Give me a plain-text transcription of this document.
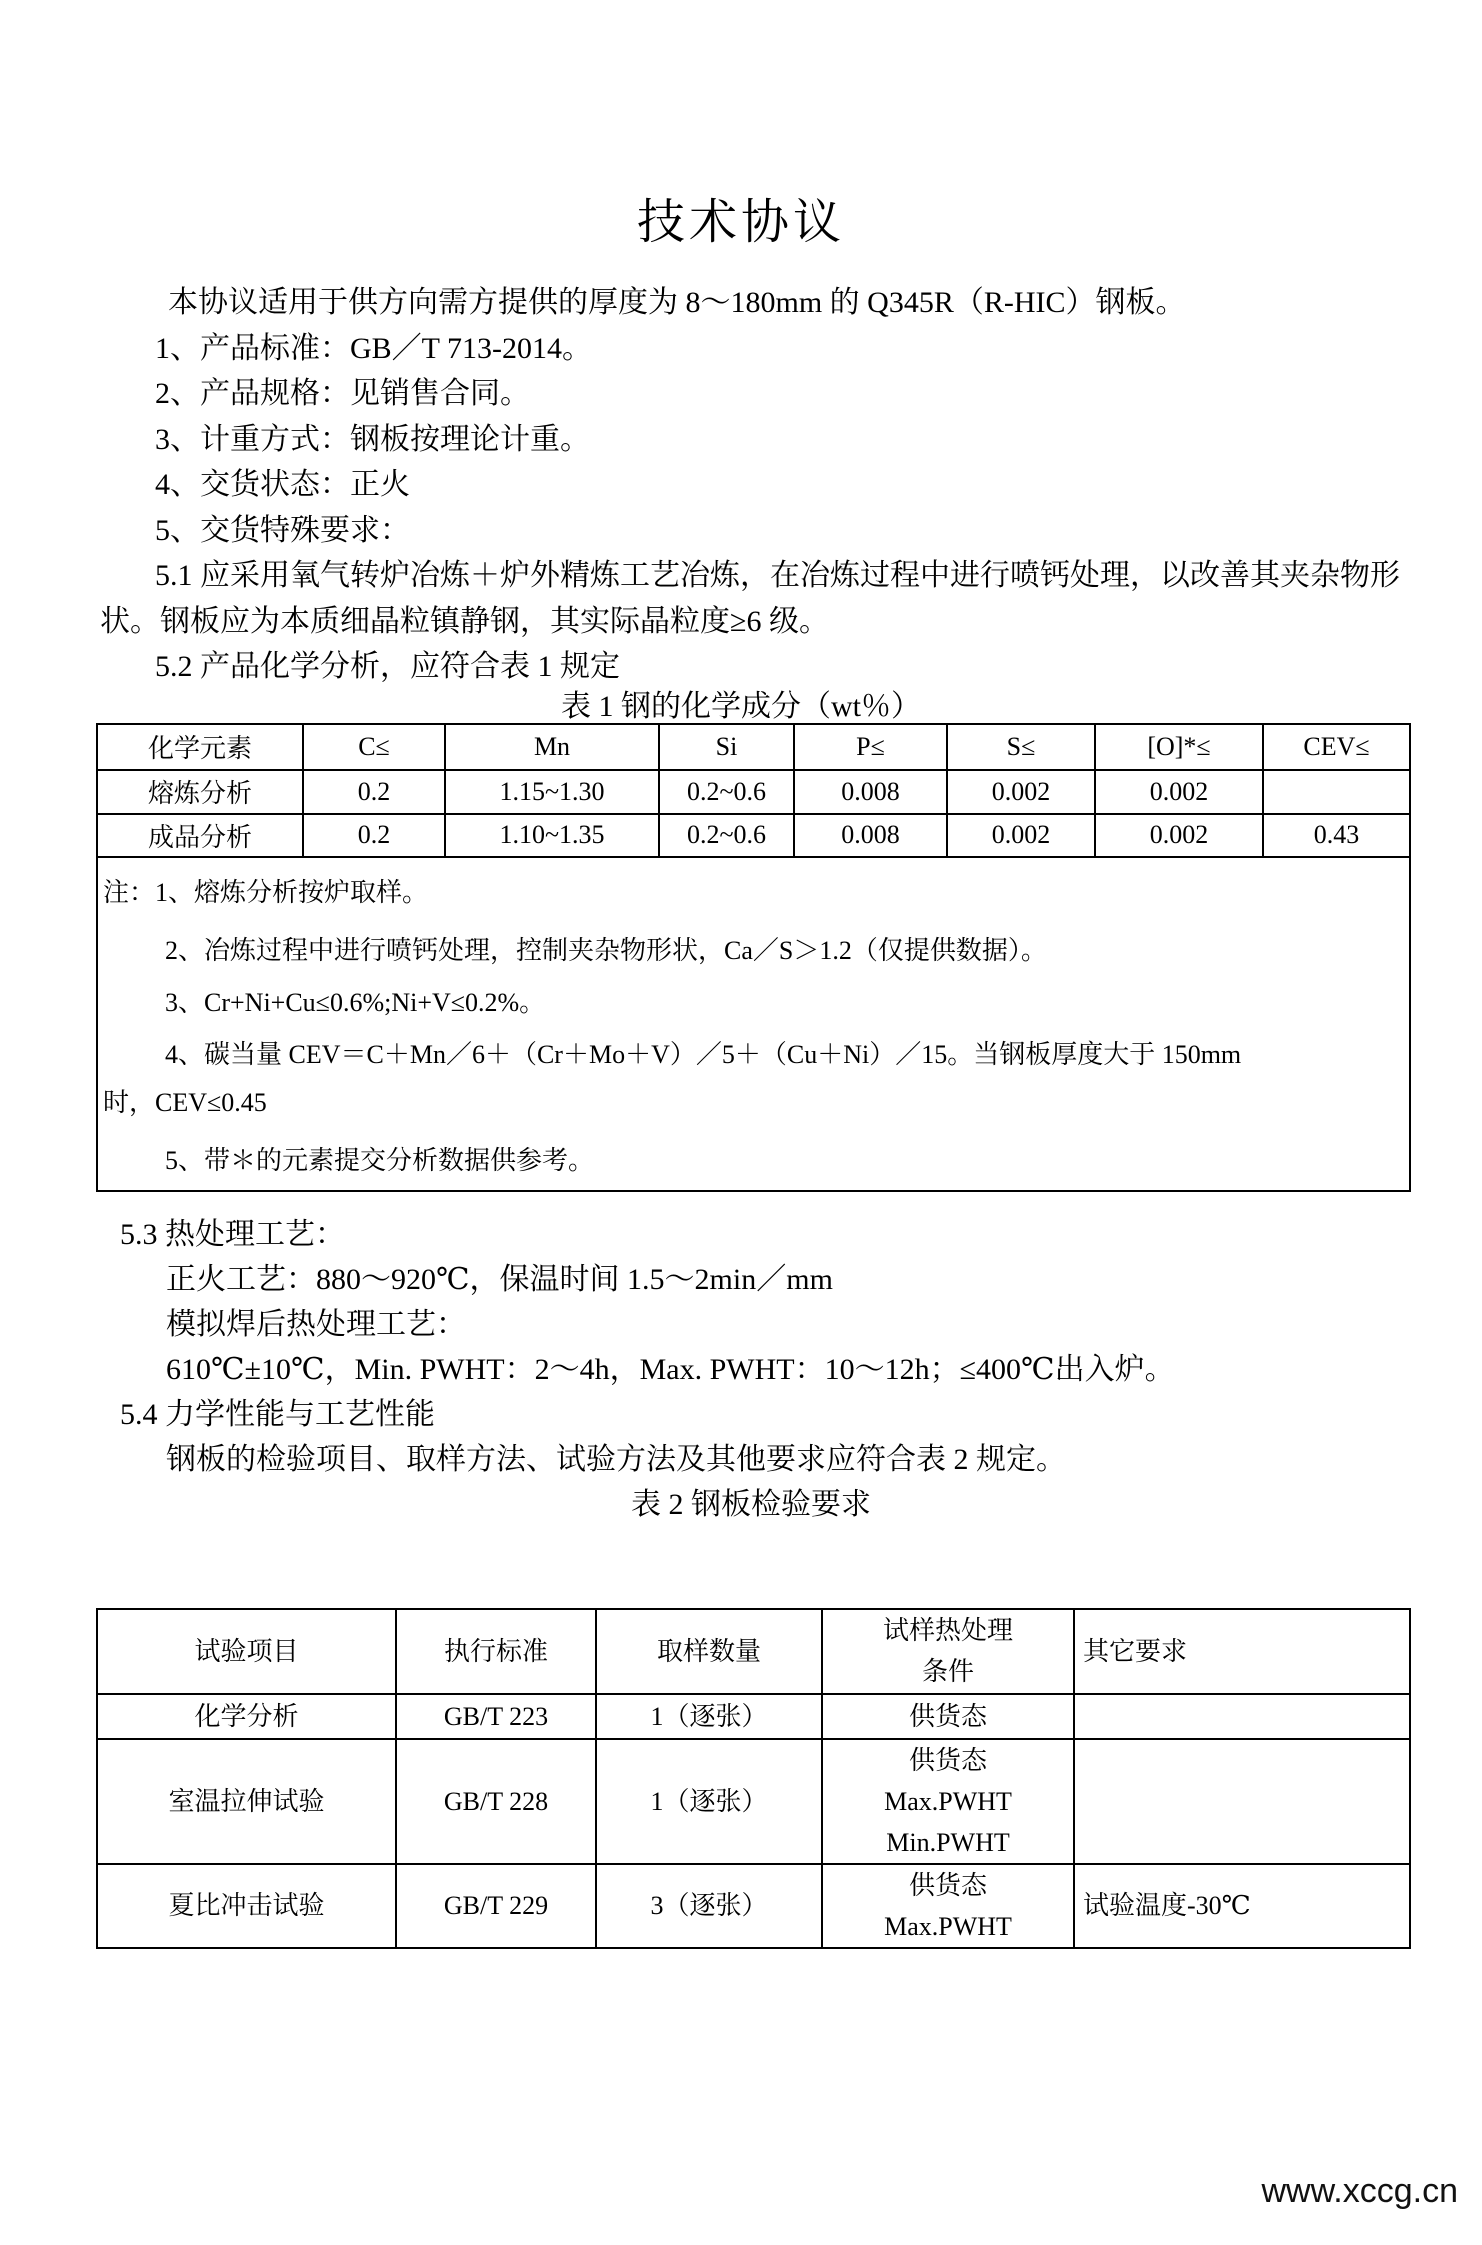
技术协议

本协议适用于供方向需方提供的厚度为 8～180mm 的 Q345R（R-HIC）钢板。

1、产品标准：GB／T 713-2014。

2、产品规格：见销售合同。

3、计重方式：钢板按理论计重。

4、交货状态：正火

5、交货特殊要求：

5.1 应采用氧气转炉冶炼＋炉外精炼工艺冶炼，在冶炼过程中进行喷钙处理，以改善其夹杂物形

状。钢板应为本质细晶粒镇静钢，其实际晶粒度≥6 级。

5.2 产品化学分析，应符合表 1 规定

表 1 钢的化学成分（wt％）

化学元素	C≤	Mn	Si	P≤	S≤	[O]*≤	CEV≤
熔炼分析	0.2	1.15~1.30	0.2~0.6	0.008	0.002	0.002	
成品分析	0.2	1.10~1.35	0.2~0.6	0.008	0.002	0.002	0.43

注：1、熔炼分析按炉取样。
2、冶炼过程中进行喷钙处理，控制夹杂物形状，Ca／S＞1.2（仅提供数据）。
3、Cr+Ni+Cu≤0.6%;Ni+V≤0.2%。
4、碳当量 CEV＝C＋Mn／6＋（Cr＋Mo＋V）／5＋（Cu＋Ni）／15。当钢板厚度大于 150mm
时，CEV≤0.45
5、带＊的元素提交分析数据供参考。

5.3 热处理工艺：

正火工艺：880～920℃，保温时间 1.5～2min／mm

模拟焊后热处理工艺：

610℃±10℃，Min. PWHT：2～4h，Max. PWHT：10～12h；≤400℃出入炉。

5.4 力学性能与工艺性能

钢板的检验项目、取样方法、试验方法及其他要求应符合表 2 规定。

表 2 钢板检验要求

试验项目	执行标准	取样数量	试样热处理
条件	其它要求

化学分析	GB/T 223	1（逐张）	供货态	

室温拉伸试验	GB/T 228	1（逐张）	供货态
Max.PWHT
Min.PWHT	

夏比冲击试验	GB/T 229	3（逐张）	供货态
Max.PWHT	试验温度-30℃
www.xccg.cn
